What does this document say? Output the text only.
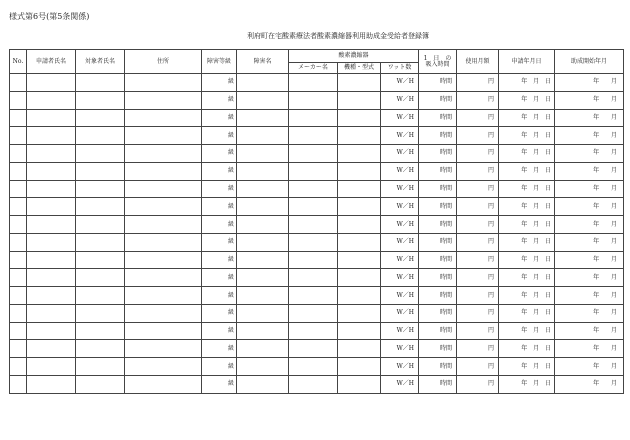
様式第6号(第5条関係)
利府町在宅酸素療法者酸素濃縮器利用助成金受給者登録簿
No.	申請者氏名	対象者氏名	住所	障害等級	障害名	酸素濃縮器			1　日　の
吸入時間	使用月額	申請年月日	助成開始年月
						メーカー名	機種・型式	ワット数				
				級				W／H	時間	円	年 月 日	年 月
				級				W／H	時間	円	年 月 日	年 月
				級				W／H	時間	円	年 月 日	年 月
				級				W／H	時間	円	年 月 日	年 月
				級				W／H	時間	円	年 月 日	年 月
				級				W／H	時間	円	年 月 日	年 月
				級				W／H	時間	円	年 月 日	年 月
				級				W／H	時間	円	年 月 日	年 月
				級				W／H	時間	円	年 月 日	年 月
				級				W／H	時間	円	年 月 日	年 月
				級				W／H	時間	円	年 月 日	年 月
				級				W／H	時間	円	年 月 日	年 月
				級				W／H	時間	円	年 月 日	年 月
				級				W／H	時間	円	年 月 日	年 月
				級				W／H	時間	円	年 月 日	年 月
				級				W／H	時間	円	年 月 日	年 月
				級				W／H	時間	円	年 月 日	年 月
				級				W／H	時間	円	年 月 日	年 月
